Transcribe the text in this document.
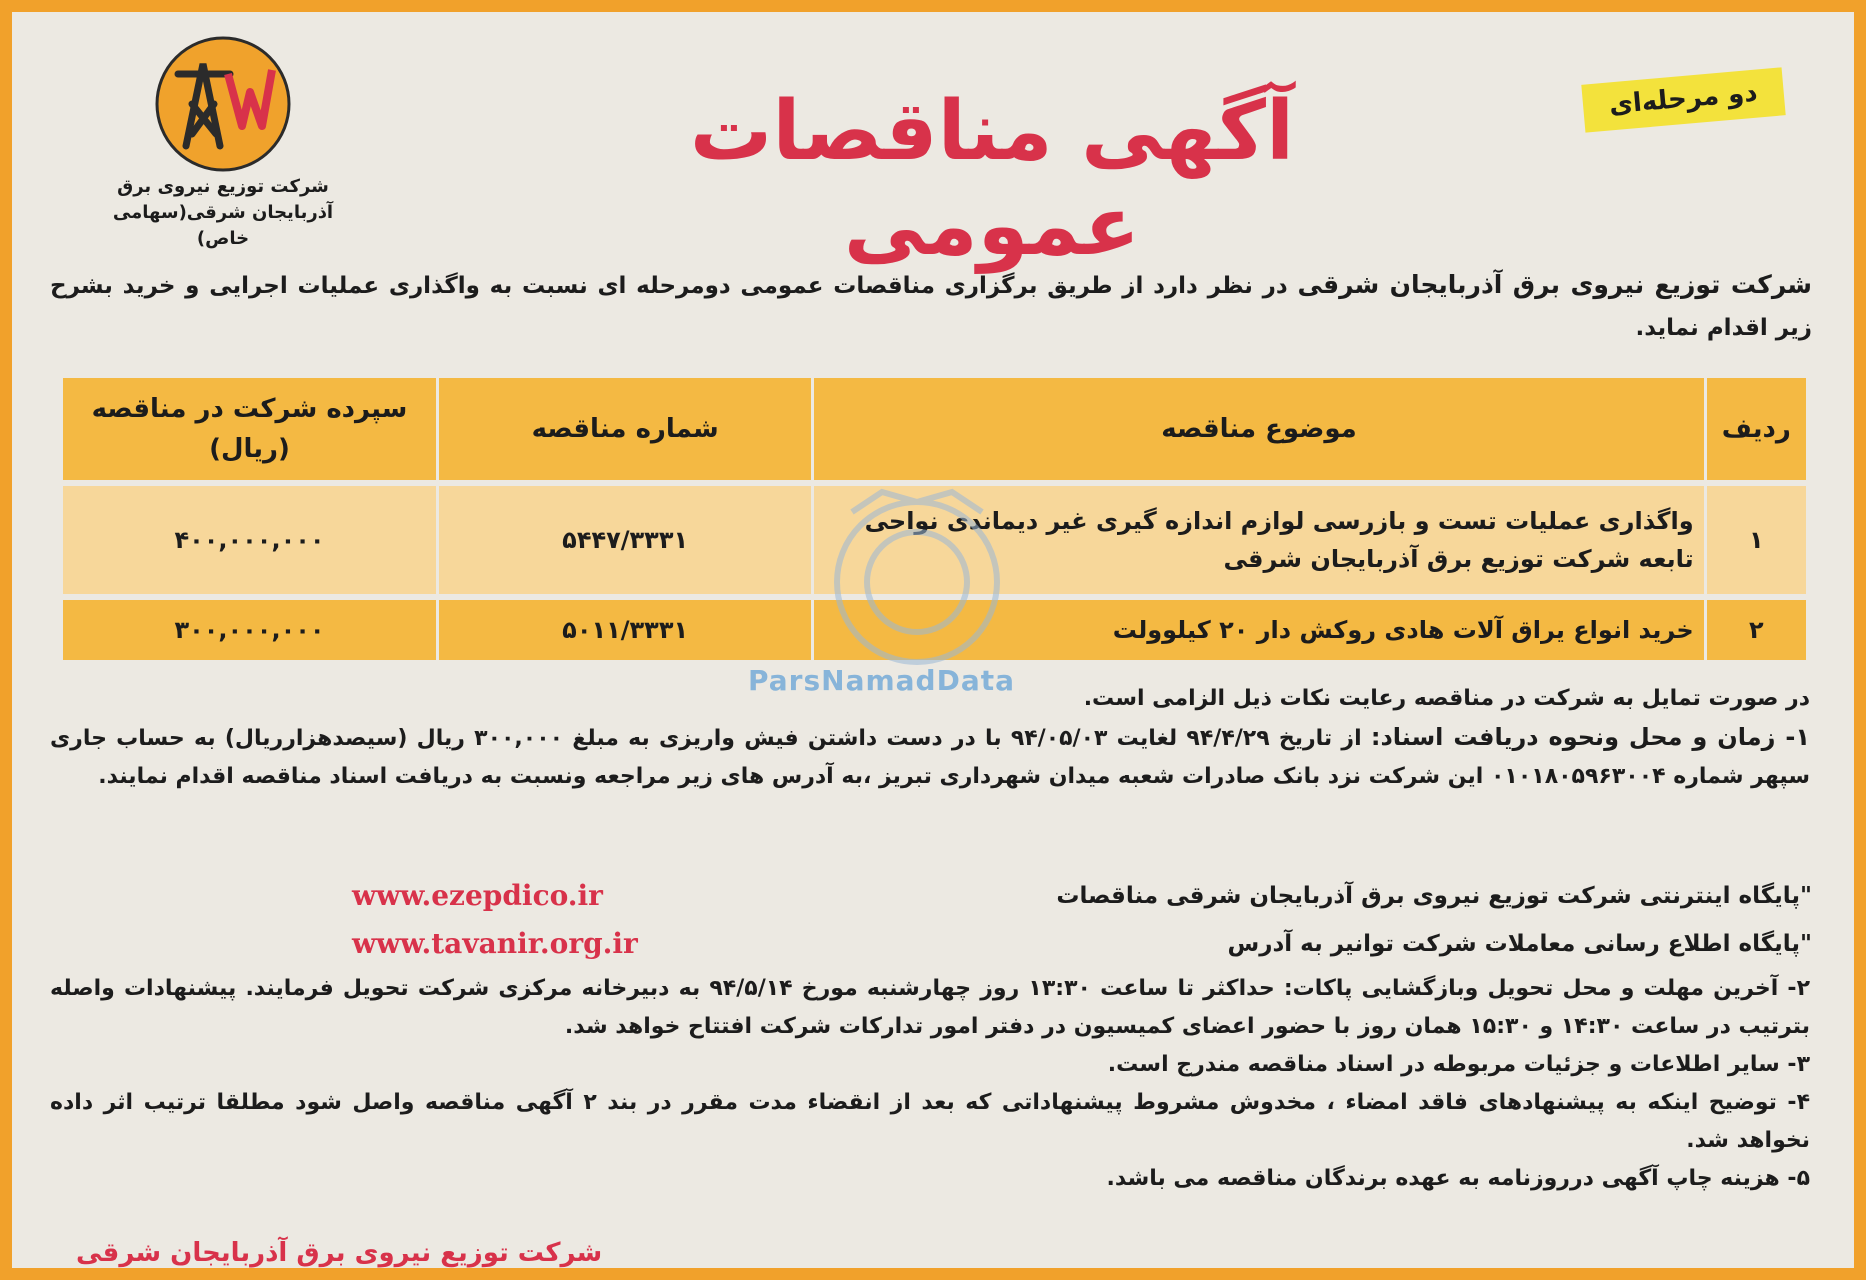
دو مرحله‌ای
آگهی مناقصات عمومی
شرکت توزیع نیروی برق
آذربایجان شرقی(سهامی خاص)
شرکت توزیع نیروی برق آذربایجان شرقی در نظر دارد از طریق برگزاری مناقصات عمومی دومرحله ای نسبت به واگذاری عملیات اجرایی و خرید بشرح زیر اقدام نماید.
ردیف	موضوع مناقصه	شماره مناقصه	سپرده شرکت در مناقصه (ریال)
۱	واگذاری عملیات تست و بازرسی لوازم اندازه گیری غیر دیماندی نواحی تابعه شرکت توزیع برق آذربایجان شرقی	۵۴۴۷/۳۳۳۱	۴۰۰,۰۰۰,۰۰۰
۲	خرید انواع یراق آلات هادی روکش دار ۲۰ کیلوولت	۵۰۱۱/۳۳۳۱	۳۰۰,۰۰۰,۰۰۰
ParsNamadData

در صورت تمایل به شرکت در مناقصه رعایت نکات ذیل الزامی است.

۱- زمان و محل ونحوه دریافت اسناد: از تاریخ ۹۴/۴/۲۹ لغایت ۹۴/۰۵/۰۳ با در دست داشتن فیش واریزی به مبلغ ۳۰۰,۰۰۰ ریال (سیصدهزارریال) به حساب جاری سپهر شماره ۰۱۰۱۸۰۵۹۶۳۰۰۴ این شرکت نزد بانک صادرات شعبه میدان شهرداری تبریز ،به آدرس های زیر مراجعه ونسبت به دریافت اسناد مناقصه اقدام نمایند.

"پایگاه اینترنتی شرکت توزیع نیروی برق آذربایجان شرقی مناقصات
"پایگاه اطلاع رسانی معاملات شرکت توانیر به آدرس
www.ezepdico.ir
www.tavanir.org.ir

۲- آخرین مهلت و محل تحویل وبازگشایی پاکات: حداکثر تا ساعت ۱۳:۳۰ روز چهارشنبه مورخ ۹۴/۵/۱۴ به دبیرخانه مرکزی شرکت تحویل فرمایند. پیشنهادات واصله بترتیب در ساعت ۱۴:۳۰ و ۱۵:۳۰ همان روز با حضور اعضای کمیسیون در دفتر امور تدارکات شرکت افتتاح خواهد شد.

۳- سایر اطلاعات و جزئیات مربوطه در اسناد مناقصه مندرج است.

۴- توضیح اینکه به پیشنهادهای فاقد امضاء ، مخدوش مشروط پیشنهاداتی که بعد از انقضاء مدت مقرر در بند ۲ آگهی مناقصه واصل شود مطلقا ترتیب اثر داده نخواهد شد.

۵- هزینه چاپ آگهی درروزنامه به عهده برندگان مناقصه می باشد.

شرکت توزیع نیروی برق آذربایجان شرقی
